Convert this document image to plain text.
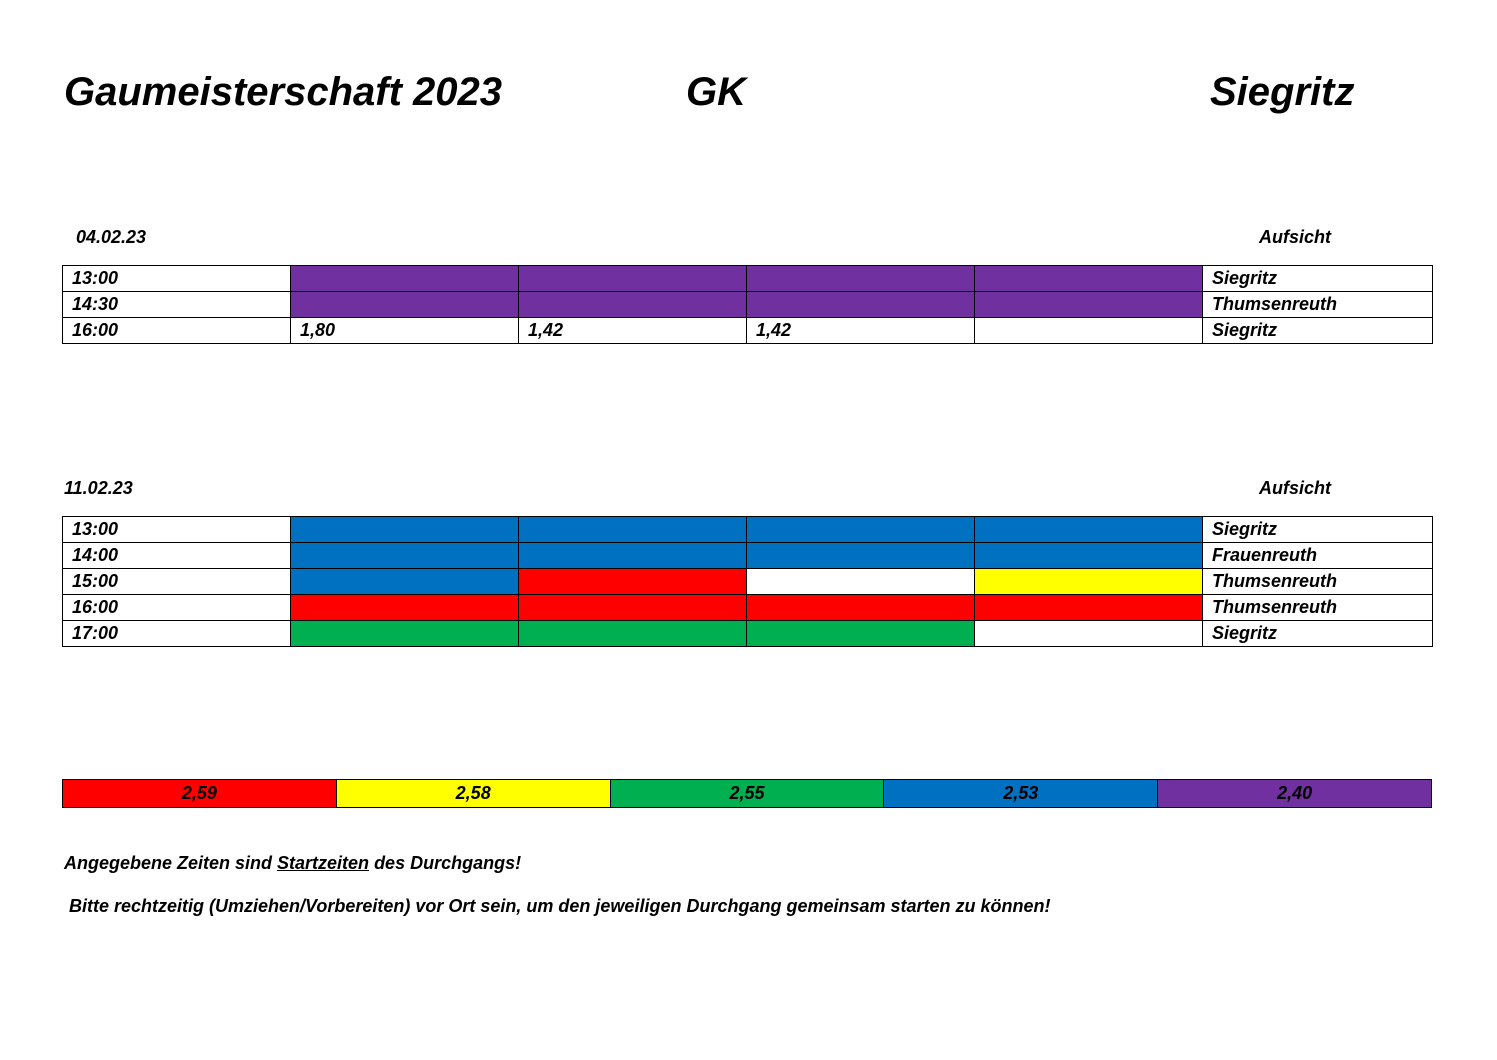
Gaumeisterschaft 2023	GK	Siegritz
04.02.23	Aufsicht
13:00					Siegritz
14:30					Thumsenreuth
16:00	1,80	1,42	1,42		Siegritz
11.02.23	Aufsicht
13:00					Siegritz
14:00					Frauenreuth
15:00					Thumsenreuth
16:00					Thumsenreuth
17:00					Siegritz
2,59	2,58	2,55	2,53	2,40
Angegebene Zeiten sind Startzeiten des Durchgangs!
Bitte rechtzeitig (Umziehen/Vorbereiten) vor Ort sein, um den jeweiligen Durchgang gemeinsam starten zu können!
